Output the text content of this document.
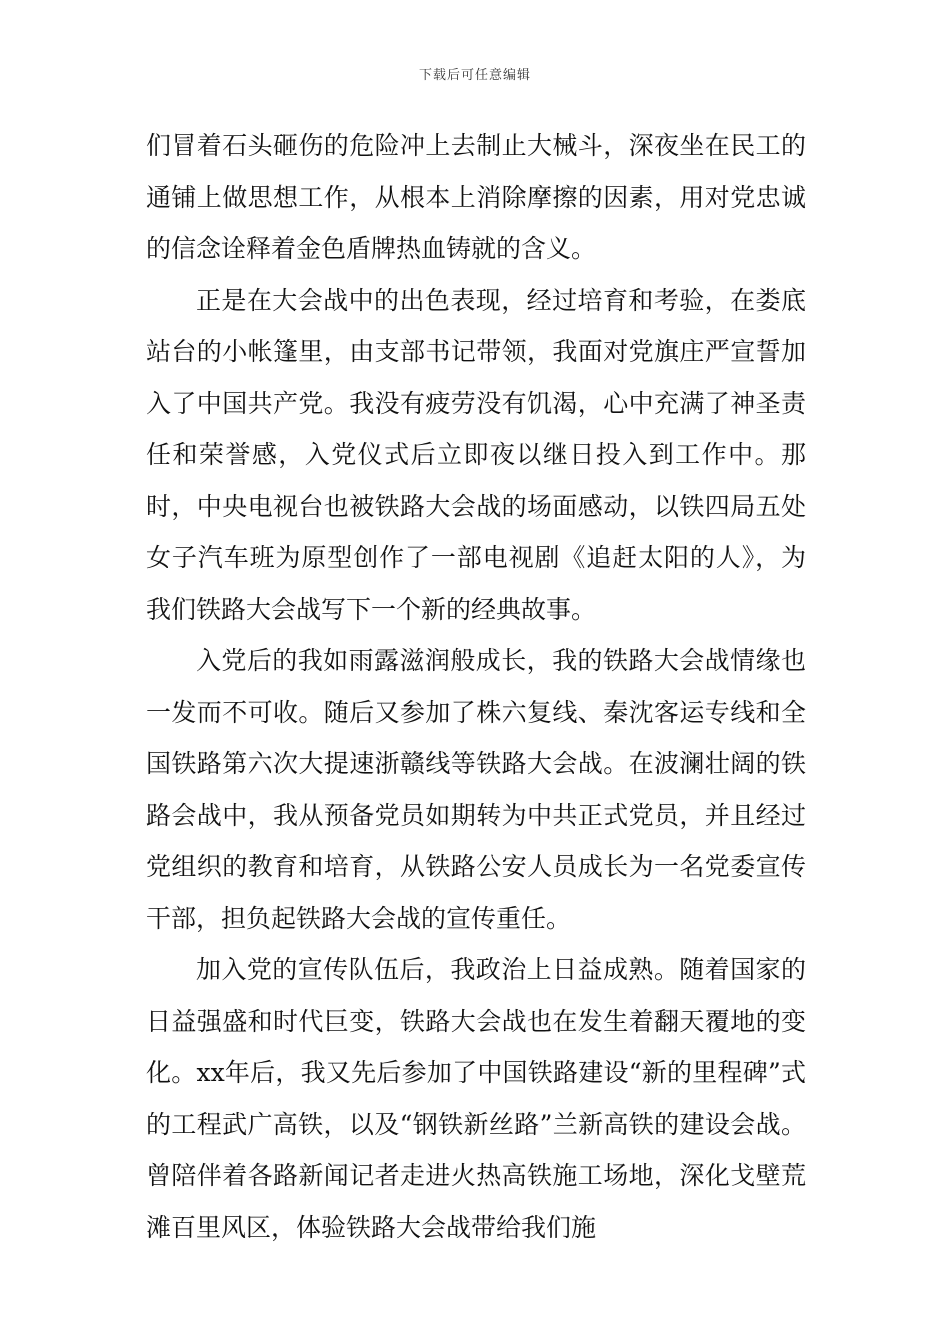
下载后可任意编辑

们冒着石头砸伤的危险冲上去制止大械斗，深夜坐在民工的通铺上做思想工作，从根本上消除摩擦的因素，用对党忠诚的信念诠释着金色盾牌热血铸就的含义。

正是在大会战中的出色表现，经过培育和考验，在娄底站台的小帐篷里，由支部书记带领，我面对党旗庄严宣誓加入了中国共产党。我没有疲劳没有饥渴，心中充满了神圣责任和荣誉感，入党仪式后立即夜以继日投入到工作中。那时，中央电视台也被铁路大会战的场面感动，以铁四局五处女子汽车班为原型创作了一部电视剧《追赶太阳的人》，为我们铁路大会战写下一个新的经典故事。

入党后的我如雨露滋润般成长，我的铁路大会战情缘也一发而不可收。随后又参加了株六复线、秦沈客运专线和全国铁路第六次大提速浙赣线等铁路大会战。在波澜壮阔的铁路会战中，我从预备党员如期转为中共正式党员，并且经过党组织的教育和培育，从铁路公安人员成长为一名党委宣传干部，担负起铁路大会战的宣传重任。

加入党的宣传队伍后，我政治上日益成熟。随着国家的日益强盛和时代巨变，铁路大会战也在发生着翻天覆地的变化。xx年后，我又先后参加了中国铁路建设“新的里程碑”式的工程武广高铁，以及“钢铁新丝路”兰新高铁的建设会战。曾陪伴着各路新闻记者走进火热高铁施工场地，深化戈壁荒滩百里风区，体验铁路大会战带给我们施
